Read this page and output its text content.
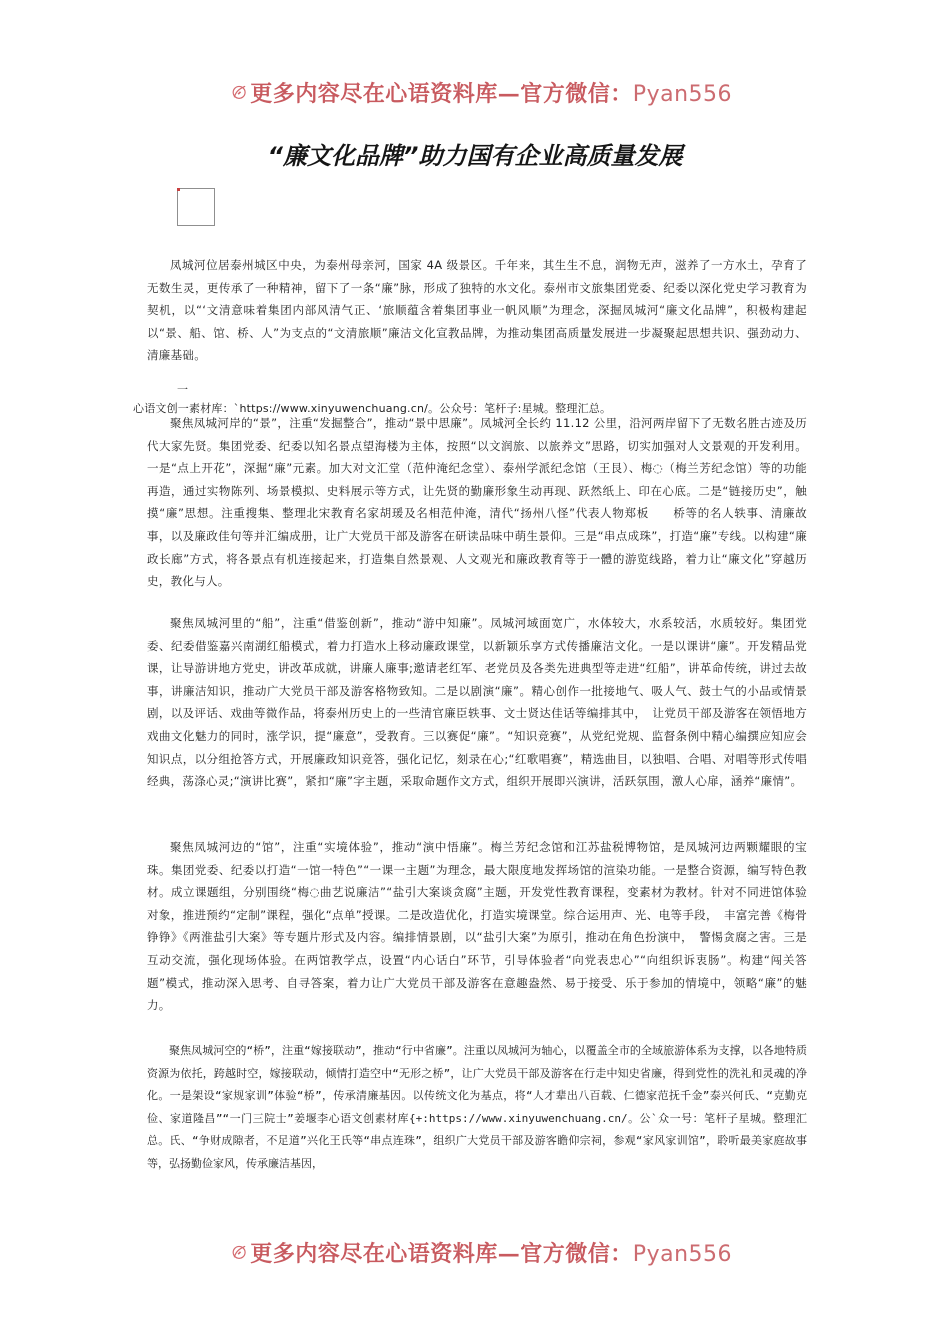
更多内容尽在心语资料库—官方微信：Pyan556
“廉文化品牌”助力国有企业高质量发展

凤城河位居泰州城区中央，为泰州母亲河，国家 4A 级景区。千年来，其生生不息，润物无声，滋养了一方水土，孕育了无数生灵，更传承了一种精神，留下了一条“廉”脉，形成了独特的水文化。泰州市文旅集团党委、纪委以深化党史学习教育为契机，以“‘文清意味着集团内部风清气正、‘旅顺蕴含着集团事业一帆风顺”为理念，深掘凤城河“廉文化品牌”，积极构建起以“景、船、馆、桥、人”为支点的“文清旅顺”廉洁文化宣教品牌，为推动集团高质量发展进一步凝聚起思想共识、强劲动力、清廉基础。

一
心语文创一素材库：`https://www.xinyuwenchuang.cn/。公众号：笔杆子:星城。整理汇总。

聚焦凤城河岸的“景”，注重“发掘整合”，推动“景中思廉”。凤城河全长约 11.12 公里，沿河两岸留下了无数名胜古迹及历代大家先贤。集团党委、纪委以知名景点望海楼为主体，按照“以文润旅、以旅养文”思路，切实加强对人文景观的开发利用。一是“点上开花”，深掘“廉”元素。加大对文汇堂（范仲淹纪念堂）、泰州学派纪念馆（王艮）、梅◌（梅兰芳纪念馆）等的功能再造，通过实物陈列、场景模拟、史料展示等方式，让先贤的勤廉形象生动再现、跃然纸上、印在心底。二是“链接历史”，触摸“廉”思想。注重搜集、整理北宋教育名家胡瑗及名相范仲淹，清代“扬州八怪”代表人物郑板　　桥等的名人轶事、清廉故事，以及廉政佳句等并汇编成册，让广大党员干部及游客在研读品味中萌生景仰。三是“串点成珠”，打造“廉”专线。以构建“廉政长廊”方式，将各景点有机连接起来，打造集自然景观、人文观光和廉政教育等于一體的游览线路，着力让“廉文化”穿越历史，教化与人。

聚焦凤城河里的“船”，注重“借鉴创新”，推动“游中知廉”。凤城河域面宽广，水体较大，水系较活，水质较好。集团党委、纪委借鉴嘉兴南湖红船模式，着力打造水上移动廉政课堂，以新颖乐享方式传播廉洁文化。一是以课讲“廉”。开发精品党课，让导游讲地方党史，讲改革成就，讲廉人廉事;邀请老红军、老党员及各类先进典型等走进“红船”，讲革命传统，讲过去故事，讲廉洁知识，推动广大党员干部及游客格物致知。二是以剧演“廉”。精心创作一批接地气、吸人气、鼓士气的小品或情景剧，以及评话、戏曲等微作品，将泰州历史上的一些清官廉臣轶事、文士贤达佳话等编排其中，　让党员干部及游客在领悟地方戏曲文化魅力的同时，涨学识，提“廉意”，受教育。三以赛促“廉”。“知识竞赛”，从党纪党规、监督条例中精心编撰应知应会知识点，以分组抢答方式，开展廉政知识竞答，强化记忆，刻录在心;“红歌唱赛”，精选曲目，以独唱、合唱、对唱等形式传唱经典，荡涤心灵;“演讲比赛”，紧扣“廉”字主题，采取命题作文方式，组织开展即兴演讲，活跃氛围，激人心扉，涵养“廉情”。

聚焦凤城河边的“馆”，注重“实境体验”，推动“演中悟廉”。梅兰芳纪念馆和江苏盐税博物馆，是凤城河边两颗耀眼的宝珠。集团党委、纪委以打造“一馆一特色”“一课一主题”为理念，最大限度地发挥场馆的渲染功能。一是整合资源，编写特色教材。成立课题组，分别围绕“梅◌曲艺说廉洁”“盐引大案谈贪腐”主题，开发党性教育课程，变素材为教材。针对不同进馆体验对象，推进预约“定制”课程，强化“点单”授课。二是改造优化，打造实境课堂。综合运用声、光、电等手段，　丰富完善《梅骨铮铮》《两淮盐引大案》等专题片形式及内容。编排情景剧，以“盐引大案”为原引，推动在角色扮演中，　警惕贪腐之害。三是互动交流，强化现场体验。在两馆教学点，设置“内心话白”环节，引导体验者“向党表忠心”“向组织诉衷肠”。构建“闯关答题”模式，推动深入思考、自寻答案，着力让广大党员干部及游客在意趣盎然、易于接受、乐于参加的情境中，领略“廉”的魅力。

聚焦凤城河空的“桥”，注重“嫁接联动”，推动“行中省廉”。注重以凤城河为轴心，以覆盖全市的全域旅游体系为支撑，以各地特质资源为依托，跨越时空，嫁接联动，倾情打造空中“无形之桥”，让广大党员干部及游客在行走中知史省廉，得到党性的洗礼和灵魂的净化。一是架设“家规家训”体验“桥”，传承清廉基因。以传统文化为基点，将“人才辈出八百载、仁德家范抚千金”泰兴何氏、“克勤克俭、家道隆昌”“一门三院士”姜堰李心语文创素材库{+:https://www.xinyuwenchuang.cn/。公`众一号：笔杆子星城。整理汇总。氏、“争财成隙者，不足道”兴化王氏等“串点连珠”，组织广大党员干部及游客瞻仰宗祠，参观“家风家训馆”，聆听最美家庭故事等，弘扬勤俭家风，传承廉洁基因，

更多内容尽在心语资料库—官方微信：Pyan556
